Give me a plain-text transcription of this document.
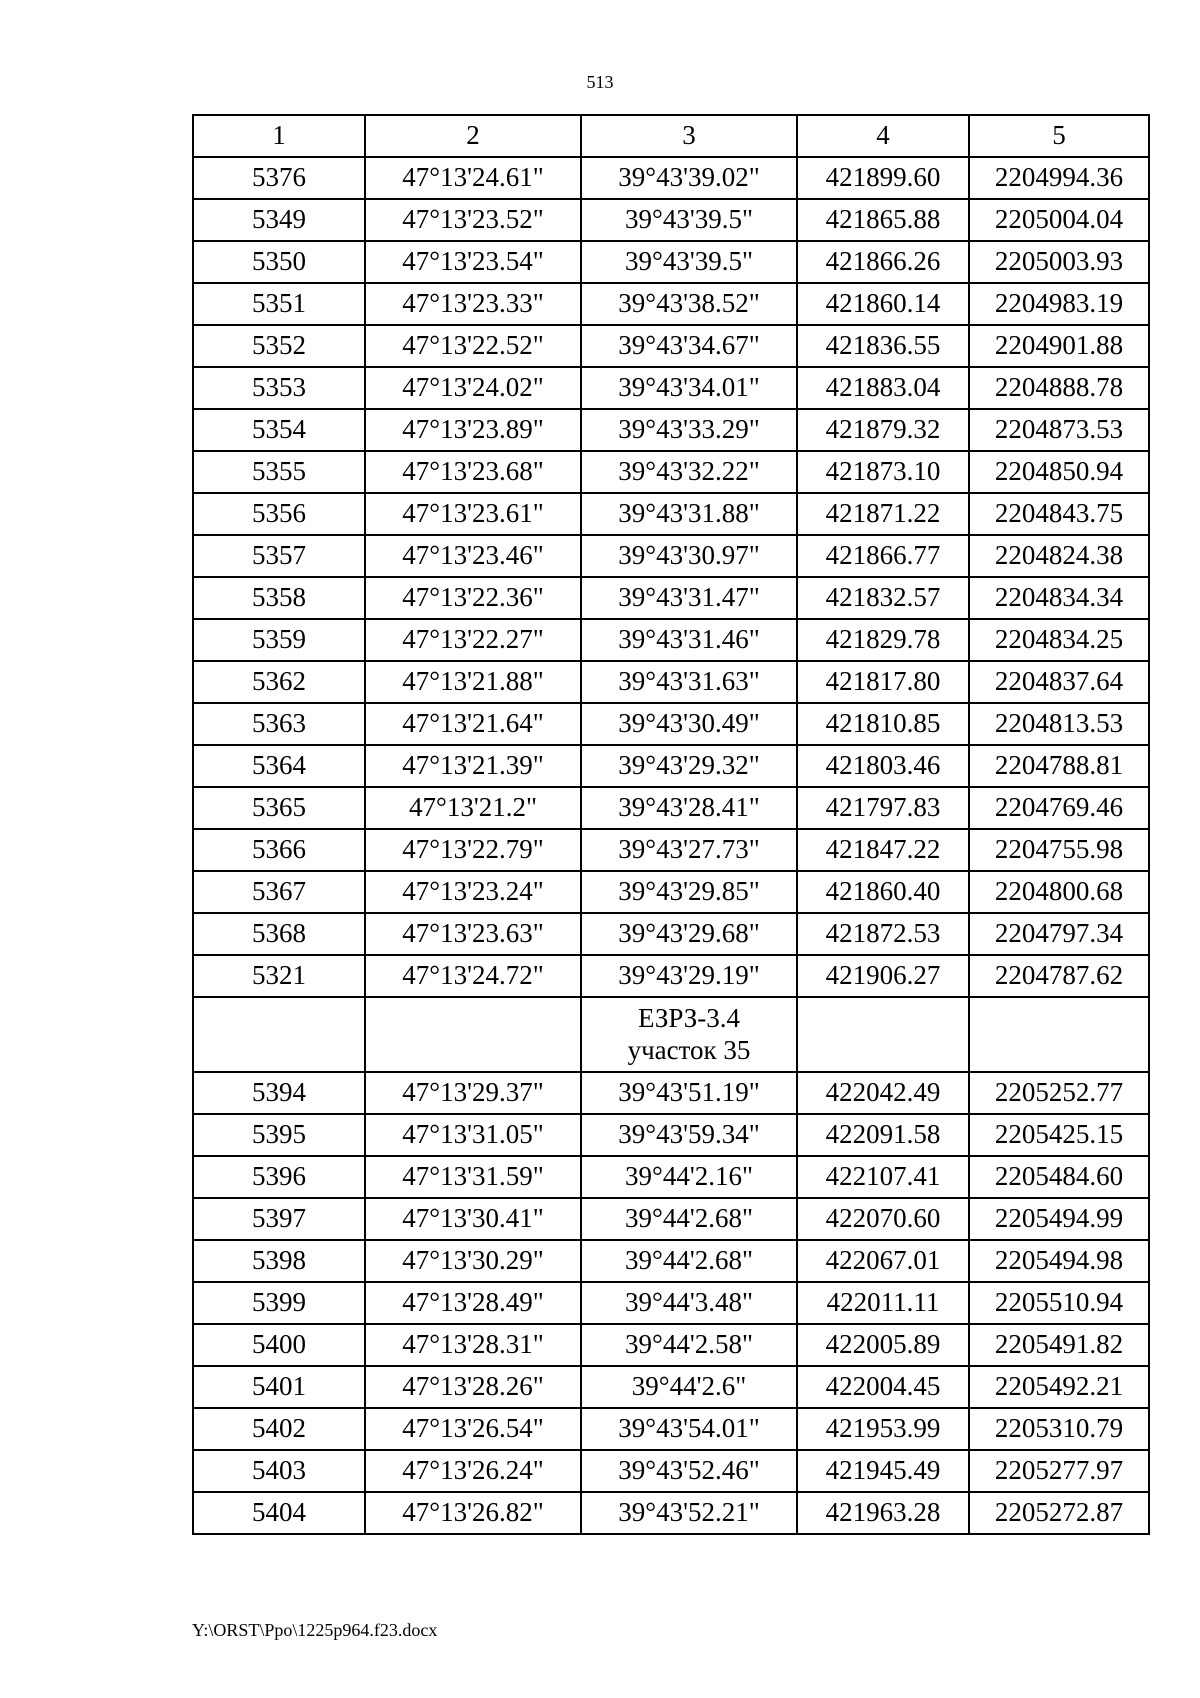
513
1	2	3	4	5
5376	47°13'24.61"	39°43'39.02"	421899.60	2204994.36
5349	47°13'23.52"	39°43'39.5"	421865.88	2205004.04
5350	47°13'23.54"	39°43'39.5"	421866.26	2205003.93
5351	47°13'23.33"	39°43'38.52"	421860.14	2204983.19
5352	47°13'22.52"	39°43'34.67"	421836.55	2204901.88
5353	47°13'24.02"	39°43'34.01"	421883.04	2204888.78
5354	47°13'23.89"	39°43'33.29"	421879.32	2204873.53
5355	47°13'23.68"	39°43'32.22"	421873.10	2204850.94
5356	47°13'23.61"	39°43'31.88"	421871.22	2204843.75
5357	47°13'23.46"	39°43'30.97"	421866.77	2204824.38
5358	47°13'22.36"	39°43'31.47"	421832.57	2204834.34
5359	47°13'22.27"	39°43'31.46"	421829.78	2204834.25
5362	47°13'21.88"	39°43'31.63"	421817.80	2204837.64
5363	47°13'21.64"	39°43'30.49"	421810.85	2204813.53
5364	47°13'21.39"	39°43'29.32"	421803.46	2204788.81
5365	47°13'21.2"	39°43'28.41"	421797.83	2204769.46
5366	47°13'22.79"	39°43'27.73"	421847.22	2204755.98
5367	47°13'23.24"	39°43'29.85"	421860.40	2204800.68
5368	47°13'23.63"	39°43'29.68"	421872.53	2204797.34
5321	47°13'24.72"	39°43'29.19"	421906.27	2204787.62

		ЕЗРЗ-3.4
участок 35		

5394	47°13'29.37"	39°43'51.19"	422042.49	2205252.77
5395	47°13'31.05"	39°43'59.34"	422091.58	2205425.15
5396	47°13'31.59"	39°44'2.16"	422107.41	2205484.60
5397	47°13'30.41"	39°44'2.68"	422070.60	2205494.99
5398	47°13'30.29"	39°44'2.68"	422067.01	2205494.98
5399	47°13'28.49"	39°44'3.48"	422011.11	2205510.94
5400	47°13'28.31"	39°44'2.58"	422005.89	2205491.82
5401	47°13'28.26"	39°44'2.6"	422004.45	2205492.21
5402	47°13'26.54"	39°43'54.01"	421953.99	2205310.79
5403	47°13'26.24"	39°43'52.46"	421945.49	2205277.97
5404	47°13'26.82"	39°43'52.21"	421963.28	2205272.87
Y:\ORST\Ppo\1225p964.f23.docx
